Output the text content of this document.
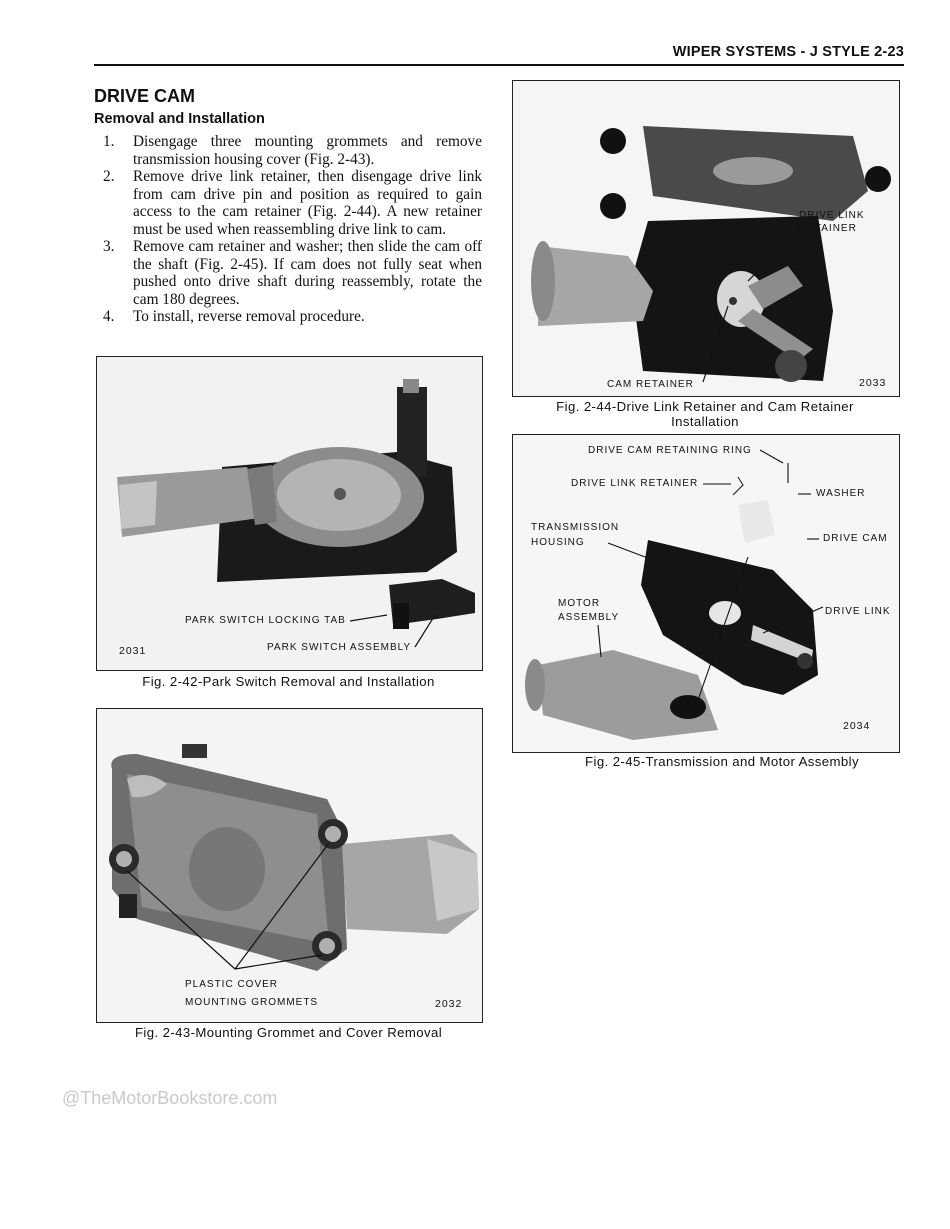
WIPER SYSTEMS - J STYLE 2-23
DRIVE CAM
Removal and Installation
1. Disengage three mounting grommets and remove transmission housing cover (Fig. 2-43).
2. Remove drive link retainer, then disengage drive link from cam drive pin and position as required to gain access to the cam retainer (Fig. 2-44). A new retainer must be used when reassembling drive link to cam.
3. Remove cam retainer and washer; then slide the cam off the shaft (Fig. 2-45). If cam does not fully seat when pushed onto drive shaft during reassembly, rotate the cam 180 degrees.
4. To install, reverse removal procedure.
PARK SWITCH LOCKING TAB
PARK SWITCH ASSEMBLY
2031
Fig. 2-42-Park Switch Removal and Installation
PLASTIC COVER
MOUNTING GROMMETS	2032
Fig. 2-43-Mounting Grommet and Cover Removal
DRIVE LINK
RETAINER
CAM RETAINER	2033
Fig. 2-44-Drive Link Retainer and Cam Retainer
Installation
DRIVE CAM RETAINING RING
DRIVE LINK RETAINER
WASHER
TRANSMISSION
HOUSING	DRIVE CAM
MOTOR
ASSEMBLY
DRIVE LINK
2034
Fig. 2-45-Transmission and Motor Assembly
@TheMotorBookstore.com
